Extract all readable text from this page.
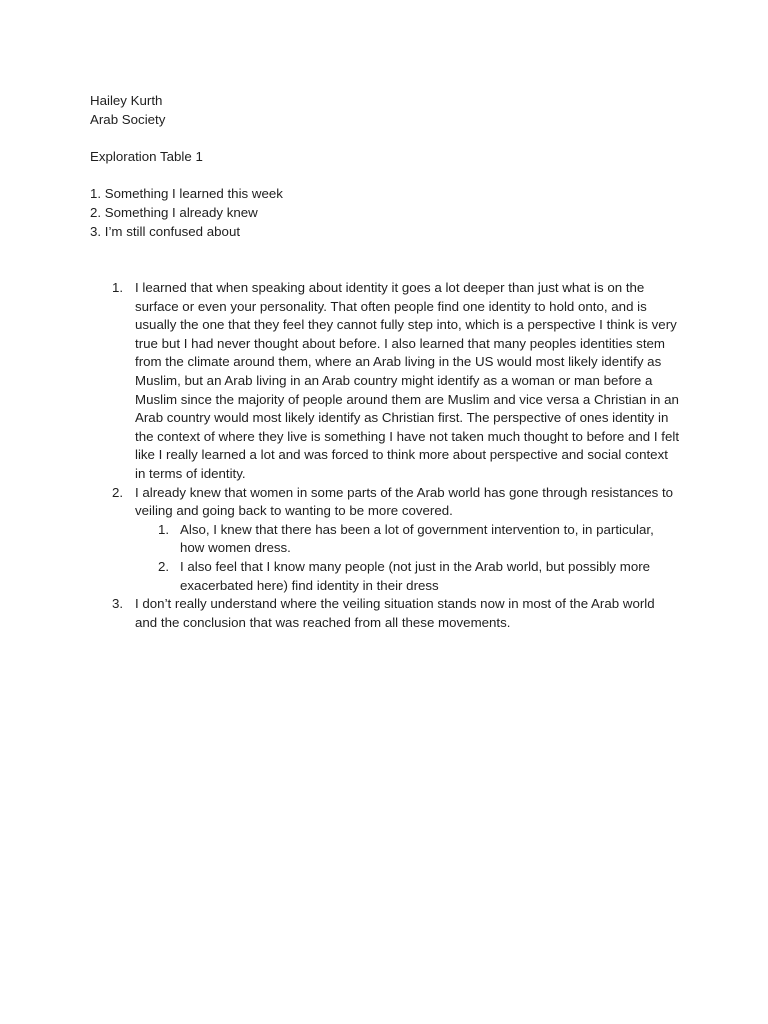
Hailey Kurth
Arab Society
Exploration Table 1
1. Something I learned this week
2. Something I already knew
3. I’m still confused about
1. I learned that when speaking about identity it goes a lot deeper than just what is on the surface or even your personality. That often people find one identity to hold onto, and is usually the one that they feel they cannot fully step into, which is a perspective I think is very true but I had never thought about before. I also learned that many peoples identities stem from the climate around them, where an Arab living in the US would most likely identify as Muslim, but an Arab living in an Arab country might identify as a woman or man before a Muslim since the majority of people around them are Muslim and vice versa a Christian in an Arab country would most likely identify as Christian first. The perspective of ones identity in the context of where they live is something I have not taken much thought to before and I felt like I really learned a lot and was forced to think more about perspective and social context in terms of identity.
2. I already knew that women in some parts of the Arab world has gone through resistances to veiling and going back to wanting to be more covered.
1. Also, I knew that there has been a lot of government intervention to, in particular, how women dress.
2. I also feel that I know many people (not just in the Arab world, but possibly more exacerbated here) find identity in their dress
3. I don’t really understand where the veiling situation stands now in most of the Arab world and the conclusion that was reached from all these movements.
